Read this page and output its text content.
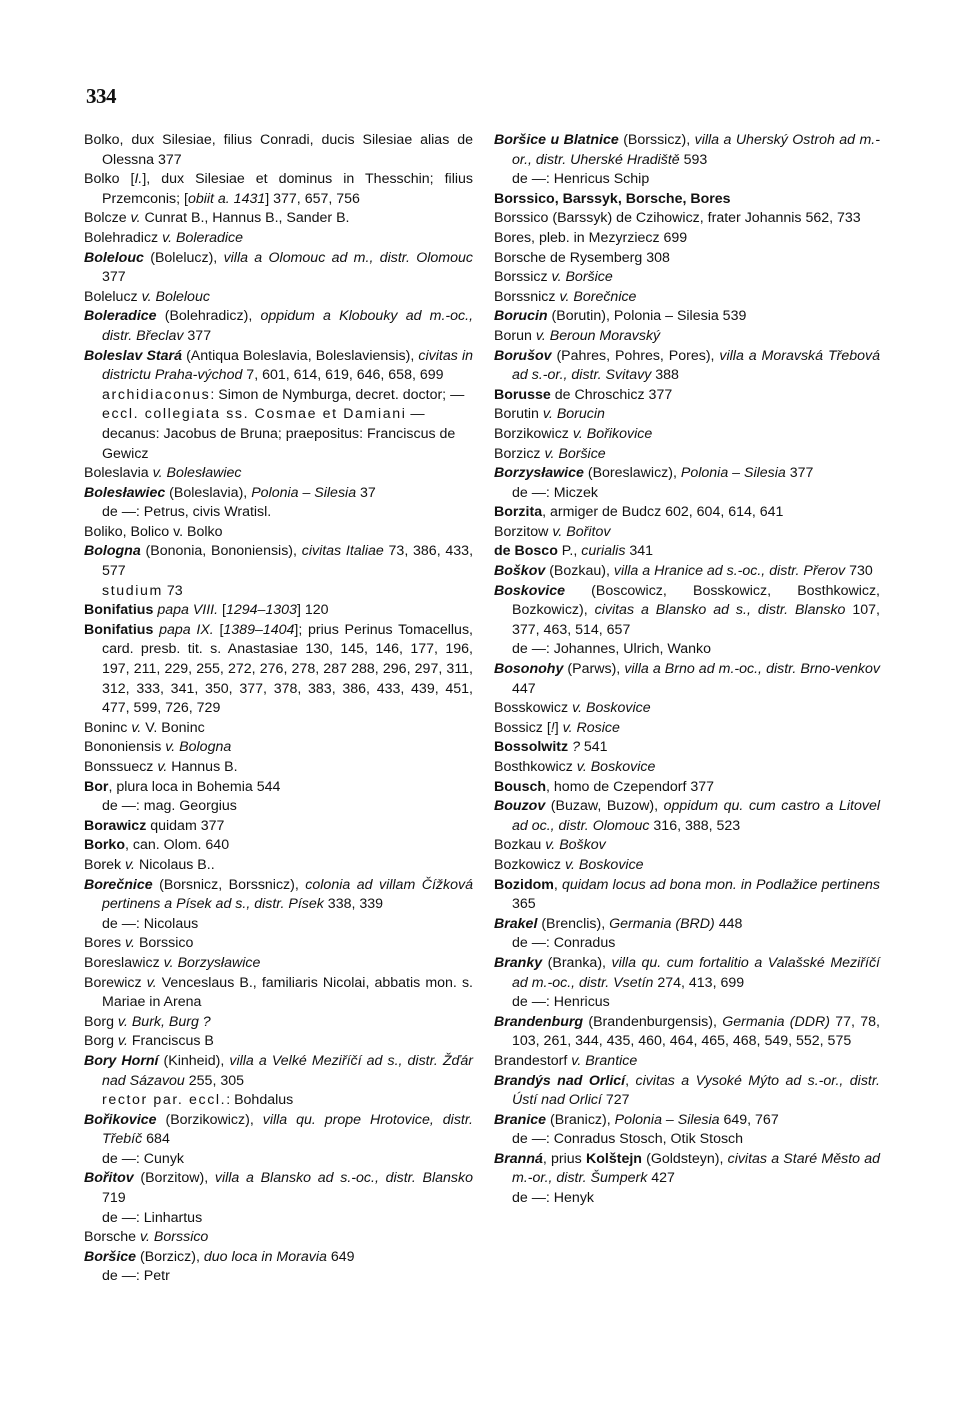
334
Bolko, dux Silesiae, filius Conradi, ducis Silesiae alias de Olessna 377
Bolko [I.], dux Silesiae et dominus in Thesschin; filius Przemconis; [obiit a. 1431] 377, 657, 756
Bolcze v. Cunrat B., Hannus B., Sander B.
Bolehradicz v. Boleradice
Bolelouc (Bolelucz), villa a Olomouc ad m., distr. Olomouc 377
Bolelucz v. Bolelouc
Boleradice (Bolehradicz), oppidum a Klobouky ad m.-oc., distr. Břeclav 377
Boleslav Stará (Antiqua Boleslavia, Boleslaviensis), civitas in districtu Praha-východ 7, 601, 614, 619, 646, 658, 699
archidiaconus: Simon de Nymburga, decret. doctor; — eccl. collegiata ss. Cosmae et Damiani — decanus: Jacobus de Bruna; praepositus: Franciscus de Gewicz
Boleslavia v. Bolesławiec
Bolesławiec (Boleslavia), Polonia – Silesia 37
de —: Petrus, civis Wratisl.
Boliko, Bolico v. Bolko
Bologna (Bononia, Bononiensis), civitas Italiae 73, 386, 433, 577
studium 73
Bonifatius papa VIII. [1294–1303] 120
Bonifatius papa IX. [1389–1404]; prius Perinus Tomacellus, card. presb. tit. s. Anastasiae 130, 145, 146, 177, 196, 197, 211, 229, 255, 272, 276, 278, 287 288, 296, 297, 311, 312, 333, 341, 350, 377, 378, 383, 386, 433, 439, 451, 477, 599, 726, 729
Boninc v. V. Boninc
Bononiensis v. Bologna
Bonssuecz v. Hannus B.
Bor, plura loca in Bohemia 544
de —: mag. Georgius
Borawicz quidam 377
Borko, can. Olom. 640
Borek v. Nicolaus B..
Borečnice (Borsnicz, Borssnicz), colonia ad villam Čížková pertinens a Písek ad s., distr. Písek 338, 339
de —: Nicolaus
Bores v. Borssico
Boreslawicz v. Borzysławice
Borewicz v. Venceslaus B., familiaris Nicolai, abbatis mon. s. Mariae in Arena
Borg v. Burk, Burg ?
Borg v. Franciscus B
Bory Horní (Kinheid), villa a Velké Meziříčí ad s., distr. Žďár nad Sázavou 255, 305
rector par. eccl.: Bohdalus
Bořikovice (Borzikowicz), villa qu. prope Hrotovice, distr. Třebíč 684
de —: Cunyk
Bořitov (Borzitow), villa a Blansko ad s.-oc., distr. Blansko 719
de —: Linhartus
Borsche v. Borssico
Boršice (Borzicz), duo loca in Moravia 649
de —: Petr
Boršice u Blatnice (Borssicz), villa a Uherský Ostroh ad m.-or., distr. Uherské Hradiště 593
de —: Henricus Schip
Borssico, Barssyk, Borsche, Bores
Borssico (Barssyk) de Czihowicz, frater Johannis 562, 733
Bores, pleb. in Mezyrziecz 699
Borsche de Rysemberg 308
Borssicz v. Boršice
Borssnicz v. Borečnice
Borucin (Borutin), Polonia – Silesia 539
Borun v. Beroun Moravský
Borušov (Pahres, Pohres, Pores), villa a Moravská Třebová ad s.-or., distr. Svitavy 388
Borusse de Chroschicz 377
Borutin v. Borucin
Borzikowicz v. Bořikovice
Borzicz v. Boršice
Borzysławice (Boreslawicz), Polonia – Silesia 377
de —: Miczek
Borzita, armiger de Budcz 602, 604, 614, 641
Borzitow v. Bořitov
de Bosco P., curialis 341
Boškov (Bozkau), villa a Hranice ad s.-oc., distr. Přerov 730
Boskovice (Boscowicz, Bosskowicz, Bosthkowicz, Bozkowicz), civitas a Blansko ad s., distr. Blansko 107, 377, 463, 514, 657
de —: Johannes, Ulrich, Wanko
Bosonohy (Parws), villa a Brno ad m.-oc., distr. Brno-venkov 447
Bosskowicz v. Boskovice
Bossicz [!] v. Rosice
Bossolwitz ? 541
Bosthkowicz v. Boskovice
Bousch, homo de Czependorf 377
Bouzov (Buzaw, Buzow), oppidum qu. cum castro a Litovel ad oc., distr. Olomouc 316, 388, 523
Bozkau v. Boškov
Bozkowicz v. Boskovice
Bozidom, quidam locus ad bona mon. in Podlažice pertinens 365
Brakel (Brenclis), Germania (BRD) 448
de —: Conradus
Branky (Branka), villa qu. cum fortalitio a Valašské Meziříčí ad m.-oc., distr. Vsetín 274, 413, 699
de —: Henricus
Brandenburg (Brandenburgensis), Germania (DDR) 77, 78, 103, 261, 344, 435, 460, 464, 465, 468, 549, 552, 575
Brandestorf v. Brantice
Brandýs nad Orlicí, civitas a Vysoké Mýto ad s.-or., distr. Ústí nad Orlicí 727
Branice (Branicz), Polonia – Silesia 649, 767
de —: Conradus Stosch, Otik Stosch
Branná, prius Kolštejn (Goldsteyn), civitas a Staré Město ad m.-or., distr. Šumperk 427
de —: Henyk
